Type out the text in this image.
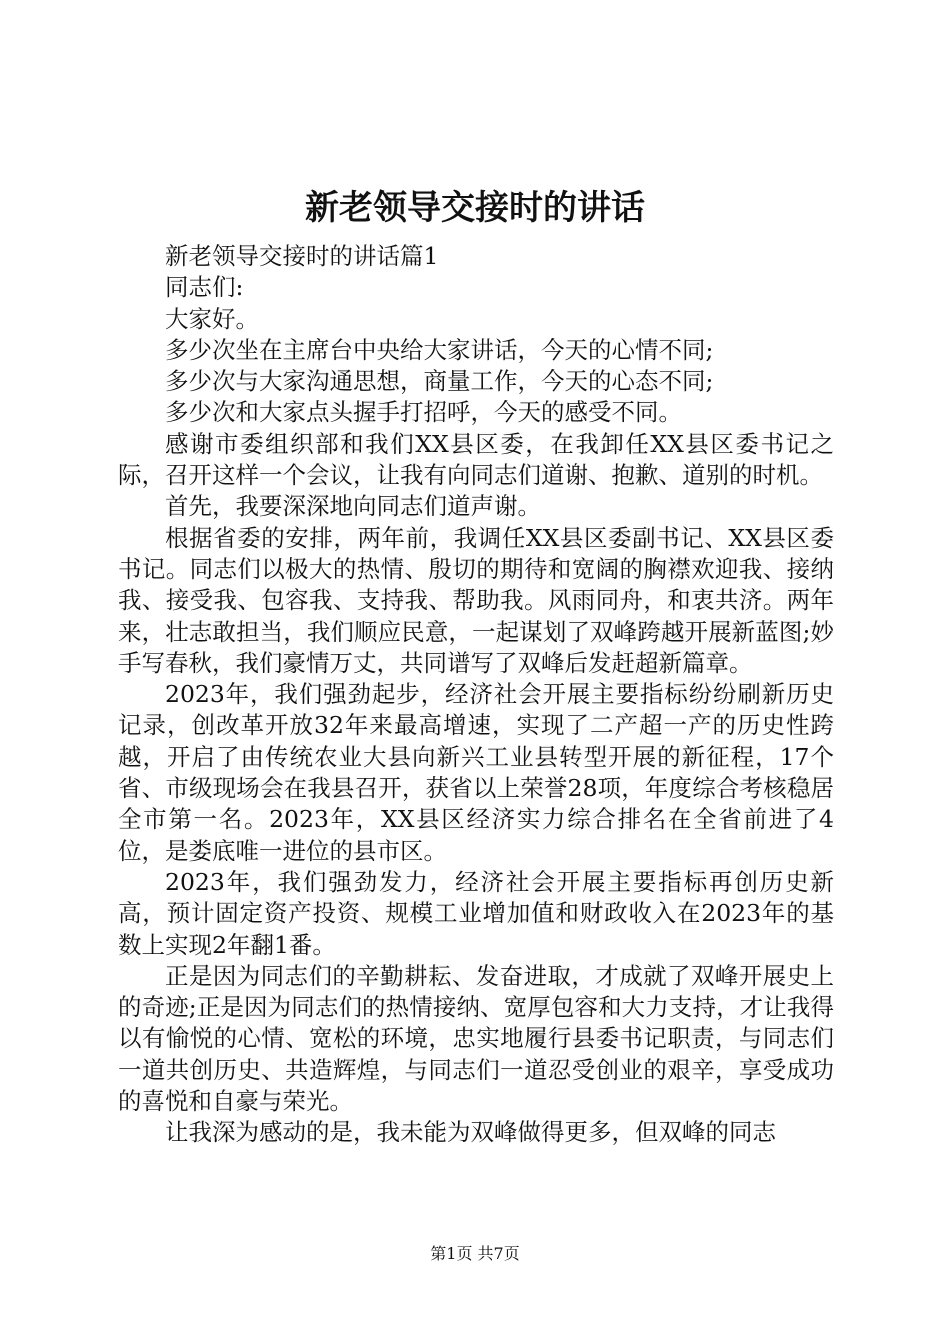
新老领导交接时的讲话

新老领导交接时的讲话篇1

同志们:

大家好。

多少次坐在主席台中央给大家讲话，今天的心情不同;

多少次与大家沟通思想，商量工作，今天的心态不同;

多少次和大家点头握手打招呼，今天的感受不同。

感谢市委组织部和我们XX县区委，在我卸任XX县区委书记之际，召开这样一个会议，让我有向同志们道谢、抱歉、道别的时机。

首先，我要深深地向同志们道声谢。

根据省委的安排，两年前，我调任XX县区委副书记、XX县区委书记。同志们以极大的热情、殷切的期待和宽阔的胸襟欢迎我、接纳我、接受我、包容我、支持我、帮助我。风雨同舟，和衷共济。两年来，壮志敢担当，我们顺应民意，一起谋划了双峰跨越开展新蓝图;妙手写春秋，我们豪情万丈，共同谱写了双峰后发赶超新篇章。

2023年，我们强劲起步，经济社会开展主要指标纷纷刷新历史记录，创改革开放32年来最高增速，实现了二产超一产的历史性跨越，开启了由传统农业大县向新兴工业县转型开展的新征程，17个省、市级现场会在我县召开，获省以上荣誉28项，年度综合考核稳居全市第一名。2023年，XX县区经济实力综合排名在全省前进了4位，是娄底唯一进位的县市区。

2023年，我们强劲发力，经济社会开展主要指标再创历史新高，预计固定资产投资、规模工业增加值和财政收入在2023年的基数上实现2年翻1番。

正是因为同志们的辛勤耕耘、发奋进取，才成就了双峰开展史上的奇迹;正是因为同志们的热情接纳、宽厚包容和大力支持，才让我得以有愉悦的心情、宽松的环境，忠实地履行县委书记职责，与同志们一道共创历史、共造辉煌，与同志们一道忍受创业的艰辛，享受成功的喜悦和自豪与荣光。

让我深为感动的是，我未能为双峰做得更多，但双峰的同志

第1页 共7页
